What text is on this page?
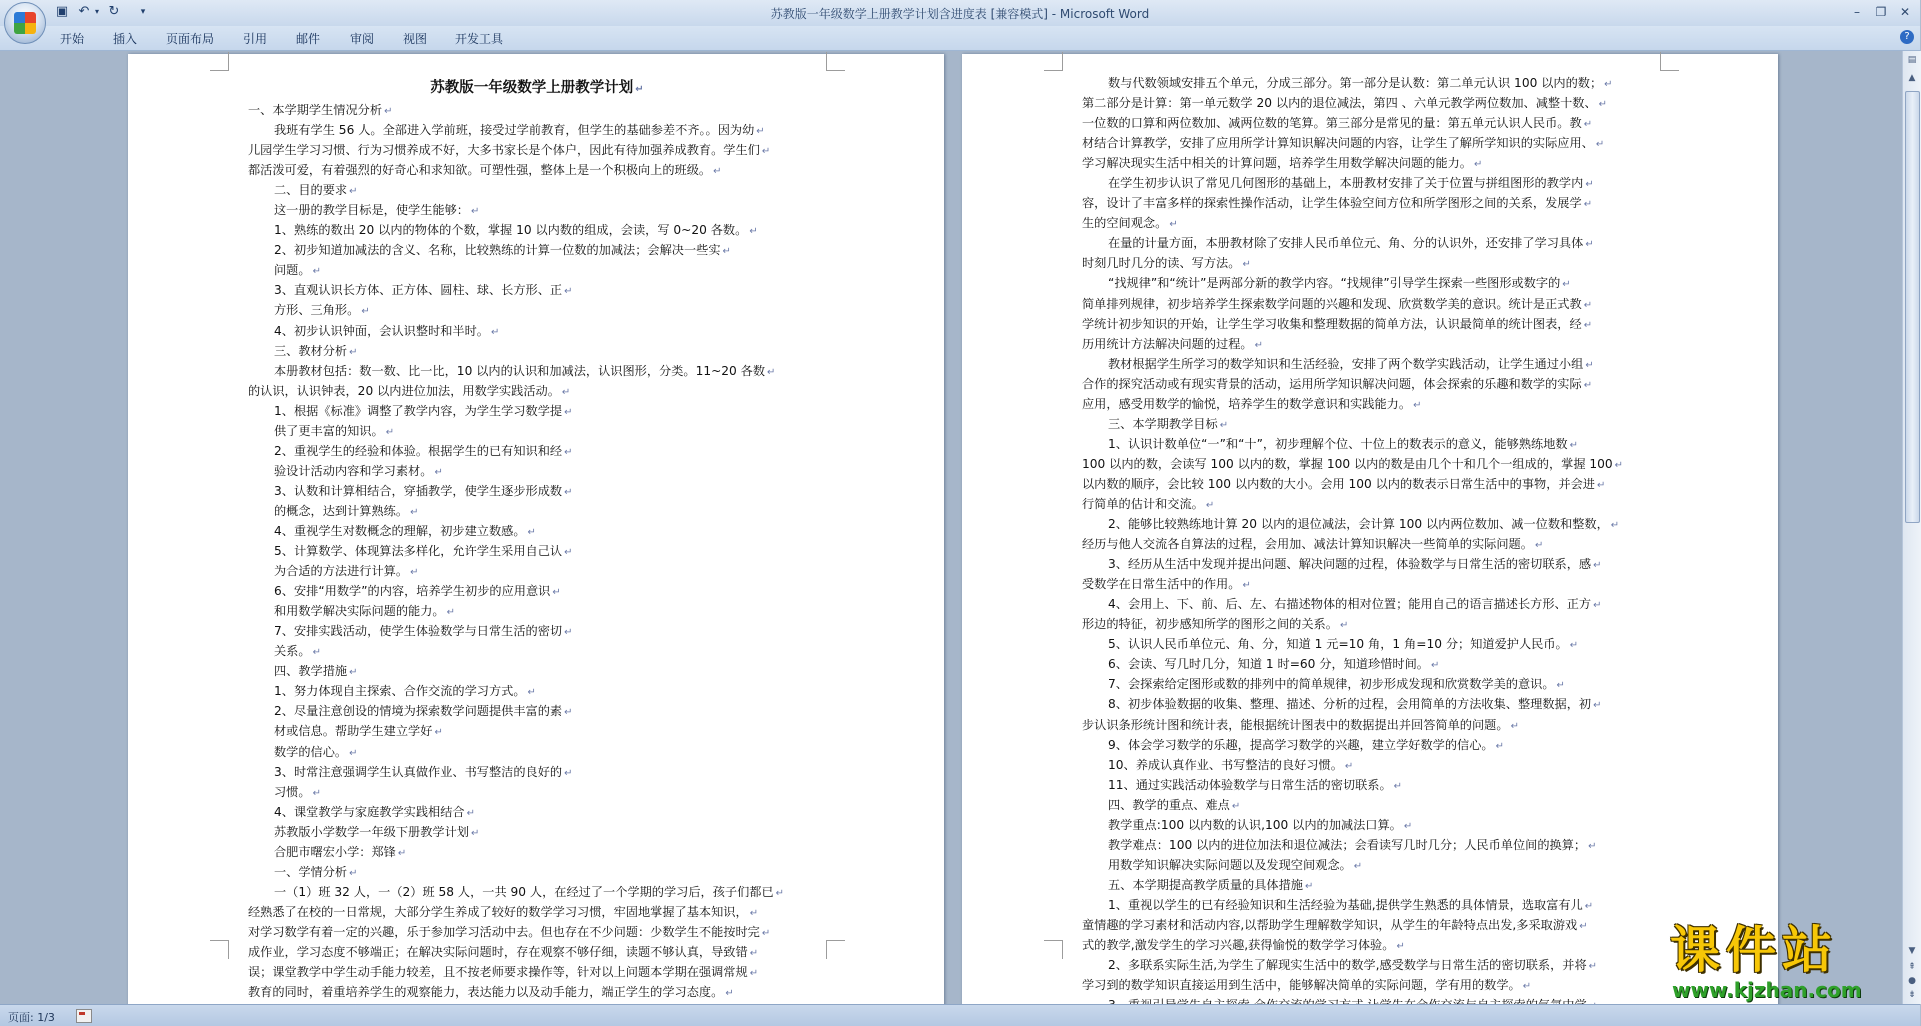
▣ ↶ ▾ ↻	▾	苏教版一年级数学上册教学计划含进度表 [兼容模式] - Microsoft Word	–	❐	✕
开始 插入 页面布局 引用 邮件 审阅 视图 开发工具	?

苏教版一年级数学上册教学计划 ↵

一、本学期学生情况分析 ↵

我班有学生 56 人。全部进入学前班，接受过学前教育，但学生的基础参差不齐。。因为幼 ↵

儿园学生学习习惯、行为习惯养成不好，大多书家长是个体户，因此有待加强养成教育。学生们 ↵

都活泼可爱，有着强烈的好奇心和求知欲。可塑性强，整体上是一个积极向上的班级。 ↵

二、目的要求 ↵

这一册的教学目标是，使学生能够： ↵

1、熟练的数出 20 以内的物体的个数，掌握 10 以内数的组成，会读，写 0~20 各数。 ↵

2、初步知道加减法的含义、名称，比较熟练的计算一位数的加减法；会解决一些实 ↵

问题。 ↵

3、直观认识长方体、正方体、圆柱、球、长方形、正 ↵

方形、三角形。 ↵

4、初步认识钟面，会认识整时和半时。 ↵

三、教材分析 ↵

本册教材包括：数一数、比一比，10 以内的认识和加减法，认识图形，分类。11~20 各数 ↵

的认识，认识钟表，20 以内进位加法，用数学实践活动。 ↵

1、根据《标准》调整了教学内容，为学生学习数学提 ↵

供了更丰富的知识。 ↵

2、重视学生的经验和体验。根据学生的已有知识和经 ↵

验设计活动内容和学习素材。 ↵

3、认数和计算相结合，穿插教学，使学生逐步形成数 ↵

的概念，达到计算熟练。 ↵

4、重视学生对数概念的理解，初步建立数感。 ↵

5、计算数学、体现算法多样化，允许学生采用自己认 ↵

为合适的方法进行计算。 ↵

6、安排“用数学”的内容，培养学生初步的应用意识 ↵

和用数学解决实际问题的能力。 ↵

7、安排实践活动，使学生体验数学与日常生活的密切 ↵

关系。 ↵

四、教学措施 ↵

1、努力体现自主探索、合作交流的学习方式。 ↵

2、尽量注意创设的情境为探索数学问题提供丰富的素 ↵

材或信息。帮助学生建立学好 ↵

数学的信心。 ↵

3、时常注意强调学生认真做作业、书写整洁的良好的 ↵

习惯。 ↵

4、课堂教学与家庭教学实践相结合 ↵

苏教版小学数学一年级下册教学计划 ↵

合肥市曙宏小学：郑锋 ↵

一、学情分析 ↵

一（1）班 32 人，一（2）班 58 人，一共 90 人，在经过了一个学期的学习后，孩子们都已 ↵

经熟悉了在校的一日常规，大部分学生养成了较好的数学学习习惯，牢固地掌握了基本知识， ↵

对学习数学有着一定的兴趣，乐于参加学习活动中去。但也存在不少问题：少数学生不能按时完 ↵

成作业，学习态度不够端正；在解决实际问题时，存在观察不够仔细，读题不够认真，导致错 ↵

误；课堂教学中学生动手能力较差，且不按老师要求操作等，针对以上问题本学期在强调常规 ↵

教育的同时，着重培养学生的观察能力，表达能力以及动手能力，端正学生的学习态度。 ↵

数与代数领域安排五个单元，分成三部分。第一部分是认数：第二单元认识 100 以内的数； ↵

第二部分是计算：第一单元数学 20 以内的退位减法，第四 、六单元教学两位数加、减整十数、 ↵

一位数的口算和两位数加、减两位数的笔算。第三部分是常见的量：第五单元认识人民币。教 ↵

材结合计算教学，安排了应用所学计算知识解决问题的内容，让学生了解所学知识的实际应用、 ↵

学习解决现实生活中相关的计算问题，培养学生用数学解决问题的能力。 ↵

在学生初步认识了常见几何图形的基础上，本册教材安排了关于位置与拼组图形的教学内 ↵

容，设计了丰富多样的探索性操作活动，让学生体验空间方位和所学图形之间的关系，发展学 ↵

生的空间观念。 ↵

在量的计量方面，本册教材除了安排人民币单位元、角、分的认识外，还安排了学习具体 ↵

时刻几时几分的读、写方法。 ↵

“找规律”和“统计”是两部分新的教学内容。“找规律”引导学生探索一些图形或数字的 ↵

简单排列规律，初步培养学生探索数学问题的兴趣和发现、欣赏数学美的意识。统计是正式教 ↵

学统计初步知识的开始，让学生学习收集和整理数据的简单方法，认识最简单的统计图表，经 ↵

历用统计方法解决问题的过程。 ↵

教材根据学生所学习的数学知识和生活经验，安排了两个数学实践活动，让学生通过小组 ↵

合作的探究活动或有现实背景的活动，运用所学知识解决问题，体会探索的乐趣和数学的实际 ↵

应用，感受用数学的愉悦，培养学生的数学意识和实践能力。 ↵

三、本学期教学目标 ↵

1、认识计数单位“一”和“十”，初步理解个位、十位上的数表示的意义，能够熟练地数 ↵

100 以内的数，会读写 100 以内的数，掌握 100 以内的数是由几个十和几个一组成的，掌握 100 ↵

以内数的顺序，会比较 100 以内数的大小。会用 100 以内的数表示日常生活中的事物，并会进 ↵

行简单的估计和交流。 ↵

2、能够比较熟练地计算 20 以内的退位减法，会计算 100 以内两位数加、减一位数和整数， ↵

经历与他人交流各自算法的过程，会用加、减法计算知识解决一些简单的实际问题。 ↵

3、经历从生活中发现并提出问题、解决问题的过程，体验数学与日常生活的密切联系，感 ↵

受数学在日常生活中的作用。 ↵

4、会用上、下、前、后、左、右描述物体的相对位置；能用自己的语言描述长方形、正方 ↵

形边的特征，初步感知所学的图形之间的关系。 ↵

5、认识人民币单位元、角、分，知道 1 元=10 角，1 角=10 分；知道爱护人民币。 ↵

6、会读、写几时几分，知道 1 时=60 分，知道珍惜时间。 ↵

7、会探索给定图形或数的排列中的简单规律，初步形成发现和欣赏数学美的意识。 ↵

8、初步体验数据的收集、整理、描述、分析的过程，会用简单的方法收集、整理数据，初 ↵

步认识条形统计图和统计表，能根据统计图表中的数据提出并回答简单的问题。 ↵

9、体会学习数学的乐趣，提高学习数学的兴趣，建立学好数学的信心。 ↵

10、养成认真作业、书写整洁的良好习惯。 ↵

11、通过实践活动体验数学与日常生活的密切联系。 ↵

四、教学的重点、难点 ↵

教学重点:100 以内数的认识,100 以内的加减法口算。 ↵

教学难点：100 以内的进位加法和退位减法；会看读写几时几分；人民币单位间的换算； ↵

用数学知识解决实际问题以及发现空间观念。 ↵

五、本学期提高教学质量的具体措施 ↵

1、重视以学生的已有经验知识和生活经验为基础,提供学生熟悉的具体情景，选取富有儿 ↵

童情趣的学习素材和活动内容,以帮助学生理解数学知识，从学生的年龄特点出发,多采取游戏 ↵

式的教学,激发学生的学习兴趣,获得愉悦的数学学习体验。 ↵

2、多联系实际生活,为学生了解现实生活中的数学,感受数学与日常生活的密切联系，并将 ↵

学习到的数学知识直接运用到生活中，能够解决简单的实际问题，学有用的数学。 ↵

▤
▲
▼
⇞
●
⇟
课件站
www.kjzhan.com
页面: 1/3
